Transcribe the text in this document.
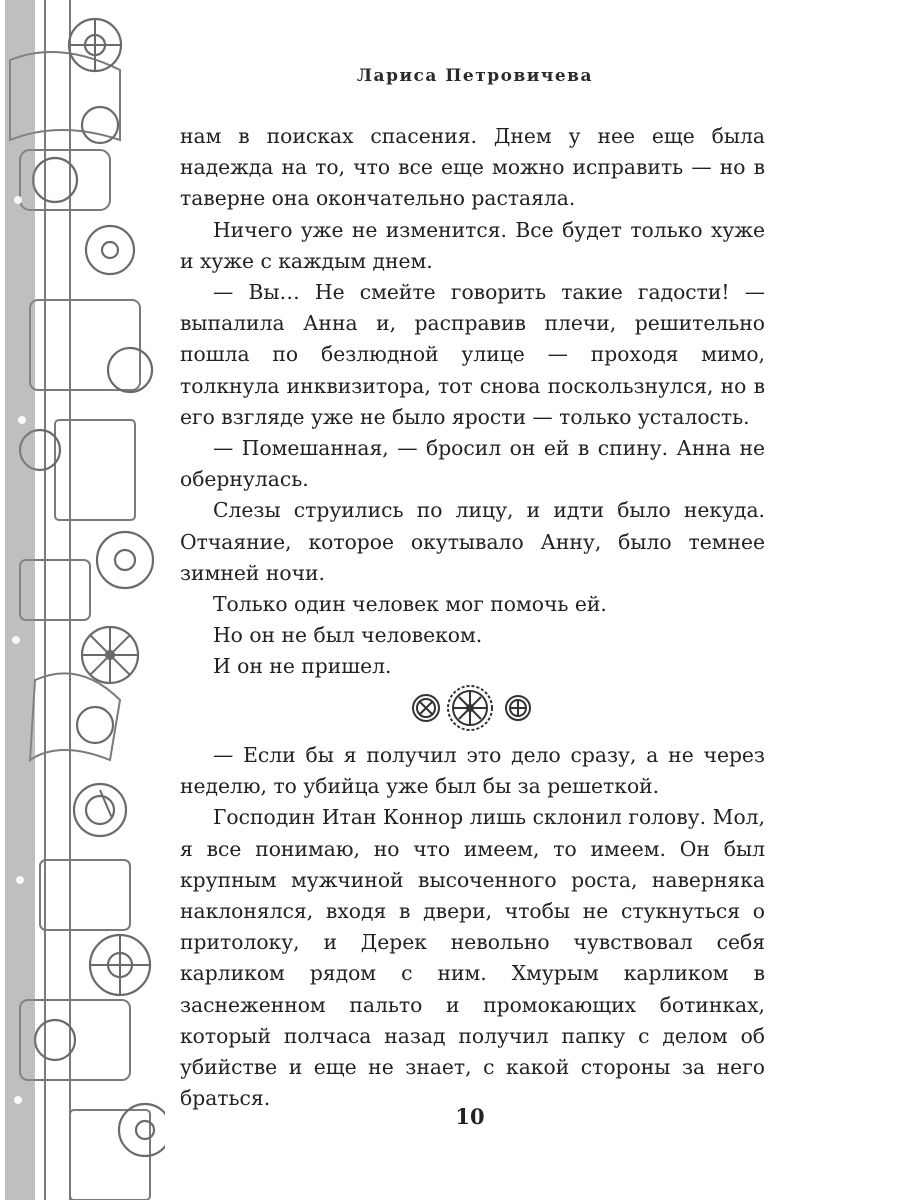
Лариса Петровичева

нам в поисках спасения. Днем у нее еще была надежда на то, что все еще можно исправить — но в таверне она окончательно растаяла.

Ничего уже не изменится. Все будет только хуже и хуже с каждым днем.

— Вы… Не смейте говорить такие гадости! — выпалила Анна и, расправив плечи, решительно пошла по безлюдной улице — проходя мимо, толкнула инквизитора, тот снова поскользнулся, но в его взгляде уже не было ярости — только усталость.

— Помешанная, — бросил он ей в спину. Анна не обернулась.

Слезы струились по лицу, и идти было некуда. Отчаяние, которое окутывало Анну, было темнее зимней ночи.

Только один человек мог помочь ей.

Но он не был человеком.

И он не пришел.

— Если бы я получил это дело сразу, а не через неделю, то убийца уже был бы за решеткой.

Господин Итан Коннор лишь склонил голову. Мол, я все понимаю, но что имеем, то имеем. Он был крупным мужчиной высоченного роста, наверняка наклонялся, входя в двери, чтобы не стукнуться о притолоку, и Дерек невольно чувствовал себя карликом рядом с ним. Хмурым карликом в заснеженном пальто и промокающих ботинках, который полчаса назад получил папку с делом об убийстве и еще не знает, с какой стороны за него браться.

10
